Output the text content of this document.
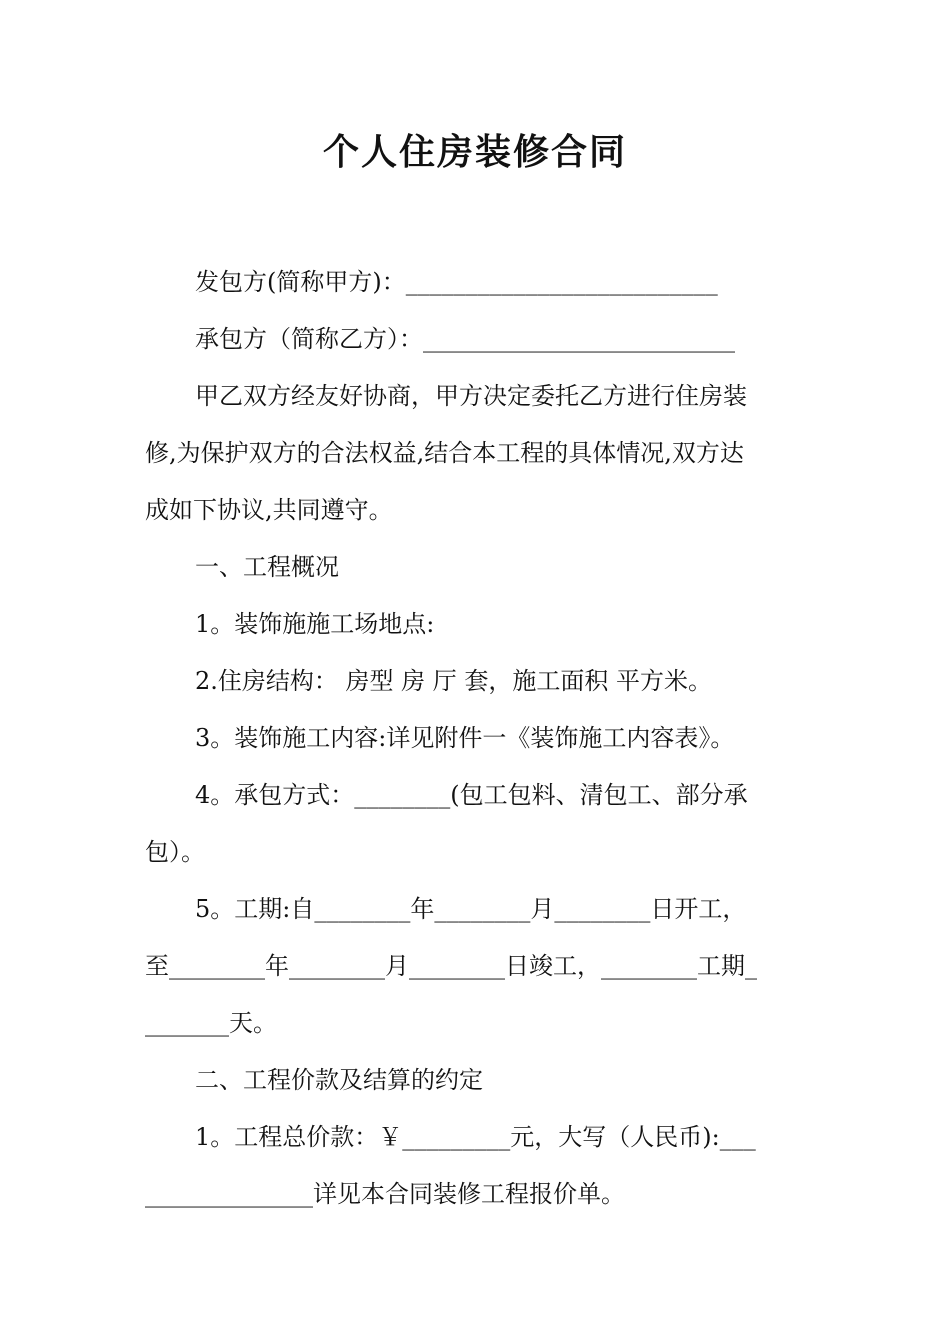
个人住房装修合同
发包方(简称甲方)：__________________________
承包方（简称乙方）：__________________________
甲乙双方经友好协商，甲方决定委托乙方进行住房装
修,为保护双方的合法权益,结合本工程的具体情况,双方达
成如下协议,共同遵守。
一、工程概况
1。装饰施施工场地点:
2.住房结构： 房型 房 厅 套，施工面积 平方米。
3。装饰施工内容:详见附件一《装饰施工内容表》。
4。承包方式：________(包工包料、清包工、部分承
包）。
5。工期:自________年________月________日开工，
至________年________月________日竣工，________工期_
_______天。
二、工程价款及结算的约定
1。工程总价款：￥_________元，大写（人民币):___
______________详见本合同装修工程报价单。
